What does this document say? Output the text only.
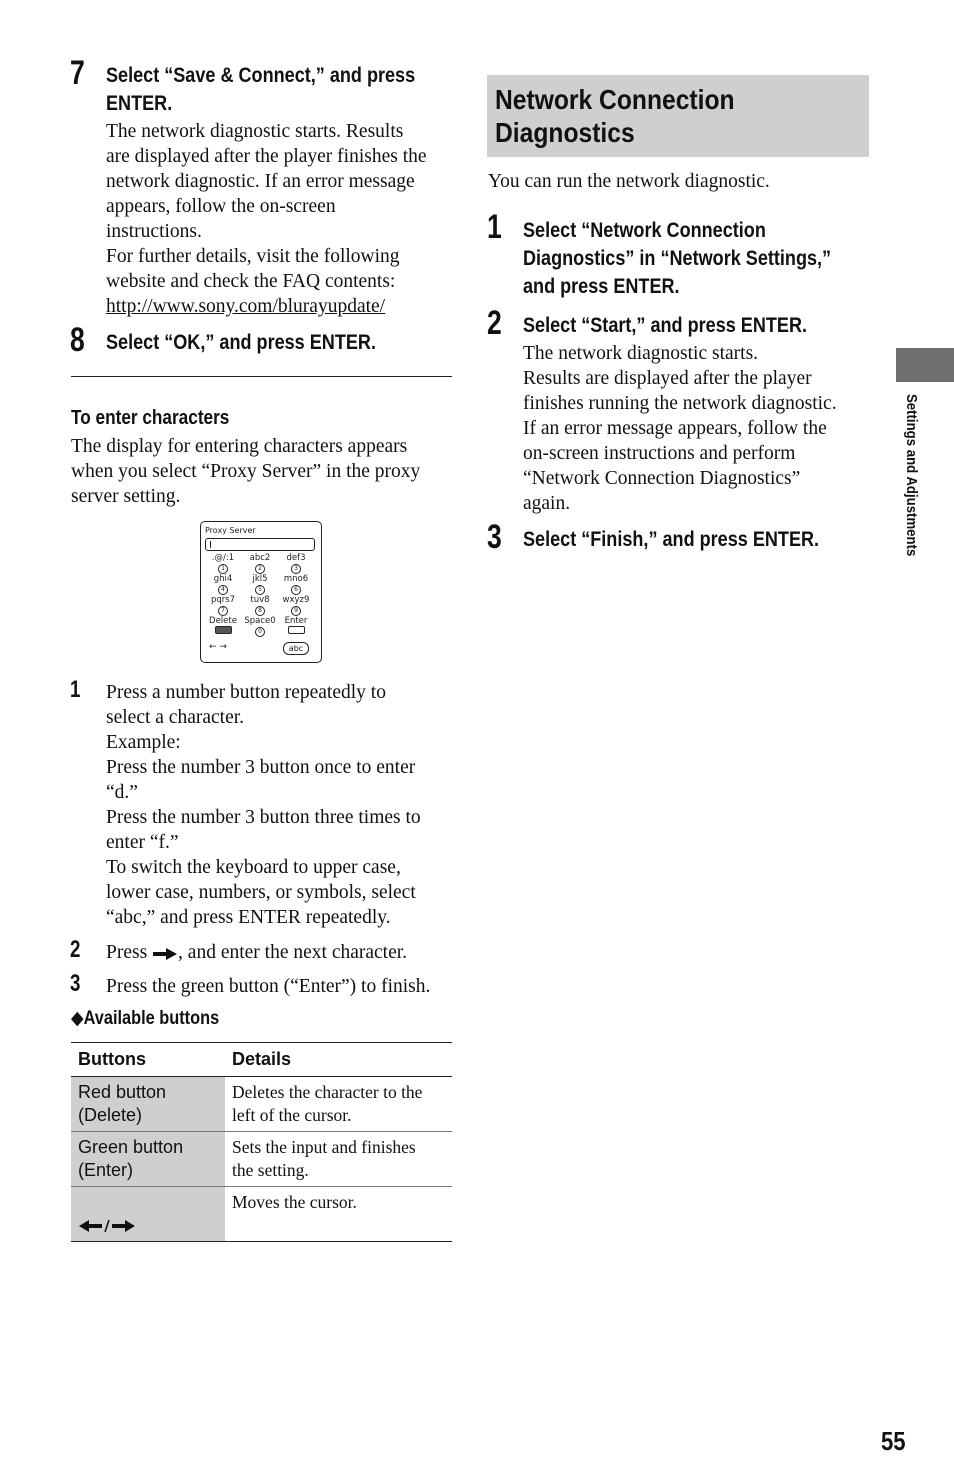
7 Select “Save & Connect,” and press
ENTER.
The network diagnostic starts. Results
are displayed after the player finishes the
network diagnostic. If an error message
appears, follow the on-screen
instructions.
For further details, visit the following
website and check the FAQ contents:
http://www.sony.com/blurayupdate/
8 Select “OK,” and press ENTER.
To enter characters
The display for entering characters appears
when you select “Proxy Server” in the proxy
server setting.
Proxy Server
.@/:1
1
abc2
2
def3
3
ghi4
4
jkl5
5
mno6
6
pqrs7
7
tuv8
8
wxyz9
9
Delete Space0
0
Enter
← →	abc
1 Press a number button repeatedly to
select a character.
Example:
Press the number 3 button once to enter
“d.”
Press the number 3 button three times to
enter “f.”
To switch the keyboard to upper case,
lower case, numbers, or symbols, select
“abc,” and press ENTER repeatedly.
2 Press , and enter the next character.
3 Press the green button (“Enter”) to finish.
◆Available buttons
Buttons	Details
Red button
(Delete)	Deletes the character to the
left of the cursor.
Green button
(Enter)	Sets the input and finishes
the setting.

	Moves the cursor.
Network Connection
Diagnostics
You can run the network diagnostic.
1 Select “Network Connection
Diagnostics” in “Network Settings,”
and press ENTER.
2 Select “Start,” and press ENTER.
The network diagnostic starts.
Results are displayed after the player
finishes running the network diagnostic.
If an error message appears, follow the
on-screen instructions and perform
“Network Connection Diagnostics”
again.
3 Select “Finish,” and press ENTER.	Settings and Adjustments
55
